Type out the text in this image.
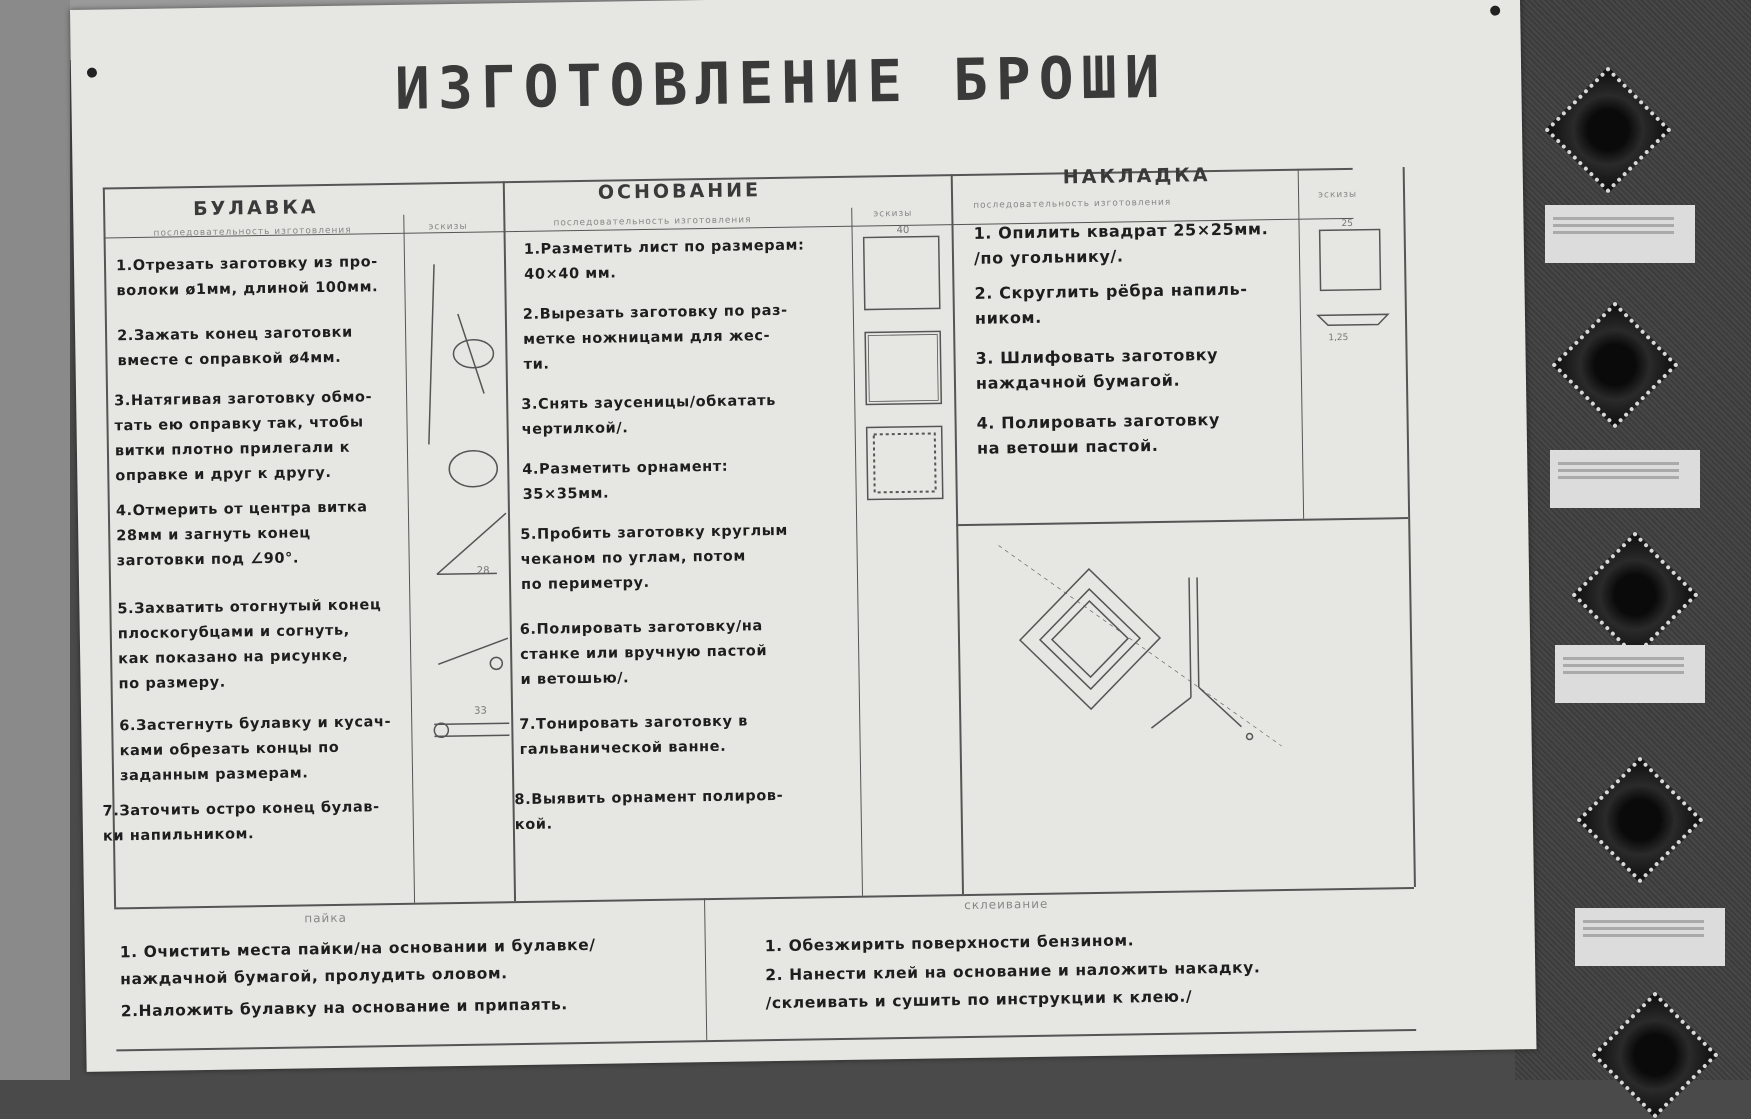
ИЗГОТОВЛЕНИЕ БРОШИ
БУЛАВКА
последовательность изготовления	эскизы
ОСНОВАНИЕ
последовательность изготовления
эскизы
НАКЛАДКА
последовательность изготовления
эскизы
1.Отрезать заготовку из про-
волоки ø1мм, длиной 100мм.
2.Зажать конец заготовки
вместе с оправкой ø4мм.
3.Натягивая заготовку обмо-
тать ею оправку так, чтобы
витки плотно прилегали к
оправке и друг к другу.
4.Отмерить от центра витка
28мм и загнуть конец
заготовки под ∠90°.
5.Захватить отогнутый конец
плоскогубцами и согнуть,
как показано на рисунке,
по размеру.
6.Застегнуть булавку и кусач-
ками обрезать концы по
заданным размерам.
7.Заточить остро конец булав-
ки напильником.
1.Разметить лист по размерам:
40×40 мм.
2.Вырезать заготовку по раз-
метке ножницами для жес-
ти.
3.Снять заусеницы/обкатать
чертилкой/.
4.Разметить орнамент:
35×35мм.
5.Пробить заготовку круглым
чеканом по углам, потом
по периметру.
6.Полировать заготовку/на
станке или вручную пастой
и ветошью/.
7.Тонировать заготовку в
гальванической ванне.
8.Выявить орнамент полиров-
кой.
1. Опилить квадрат 25×25мм.
/по угольнику/.
2. Скруглить рёбра напиль-
ником.
3. Шлифовать заготовку
наждачной бумагой.
4. Полировать заготовку
на ветоши пастой.
пайка
1. Очистить места пайки/на основании и булавке/
наждачной бумагой, пролудить оловом.
2.Наложить булавку на основание и припаять.
склеивание
1. Обезжирить поверхности бензином.
2. Нанести клей на основание и наложить накадку.
/склеивать и сушить по инструкции к клею./
28
33
40
25
1,25
